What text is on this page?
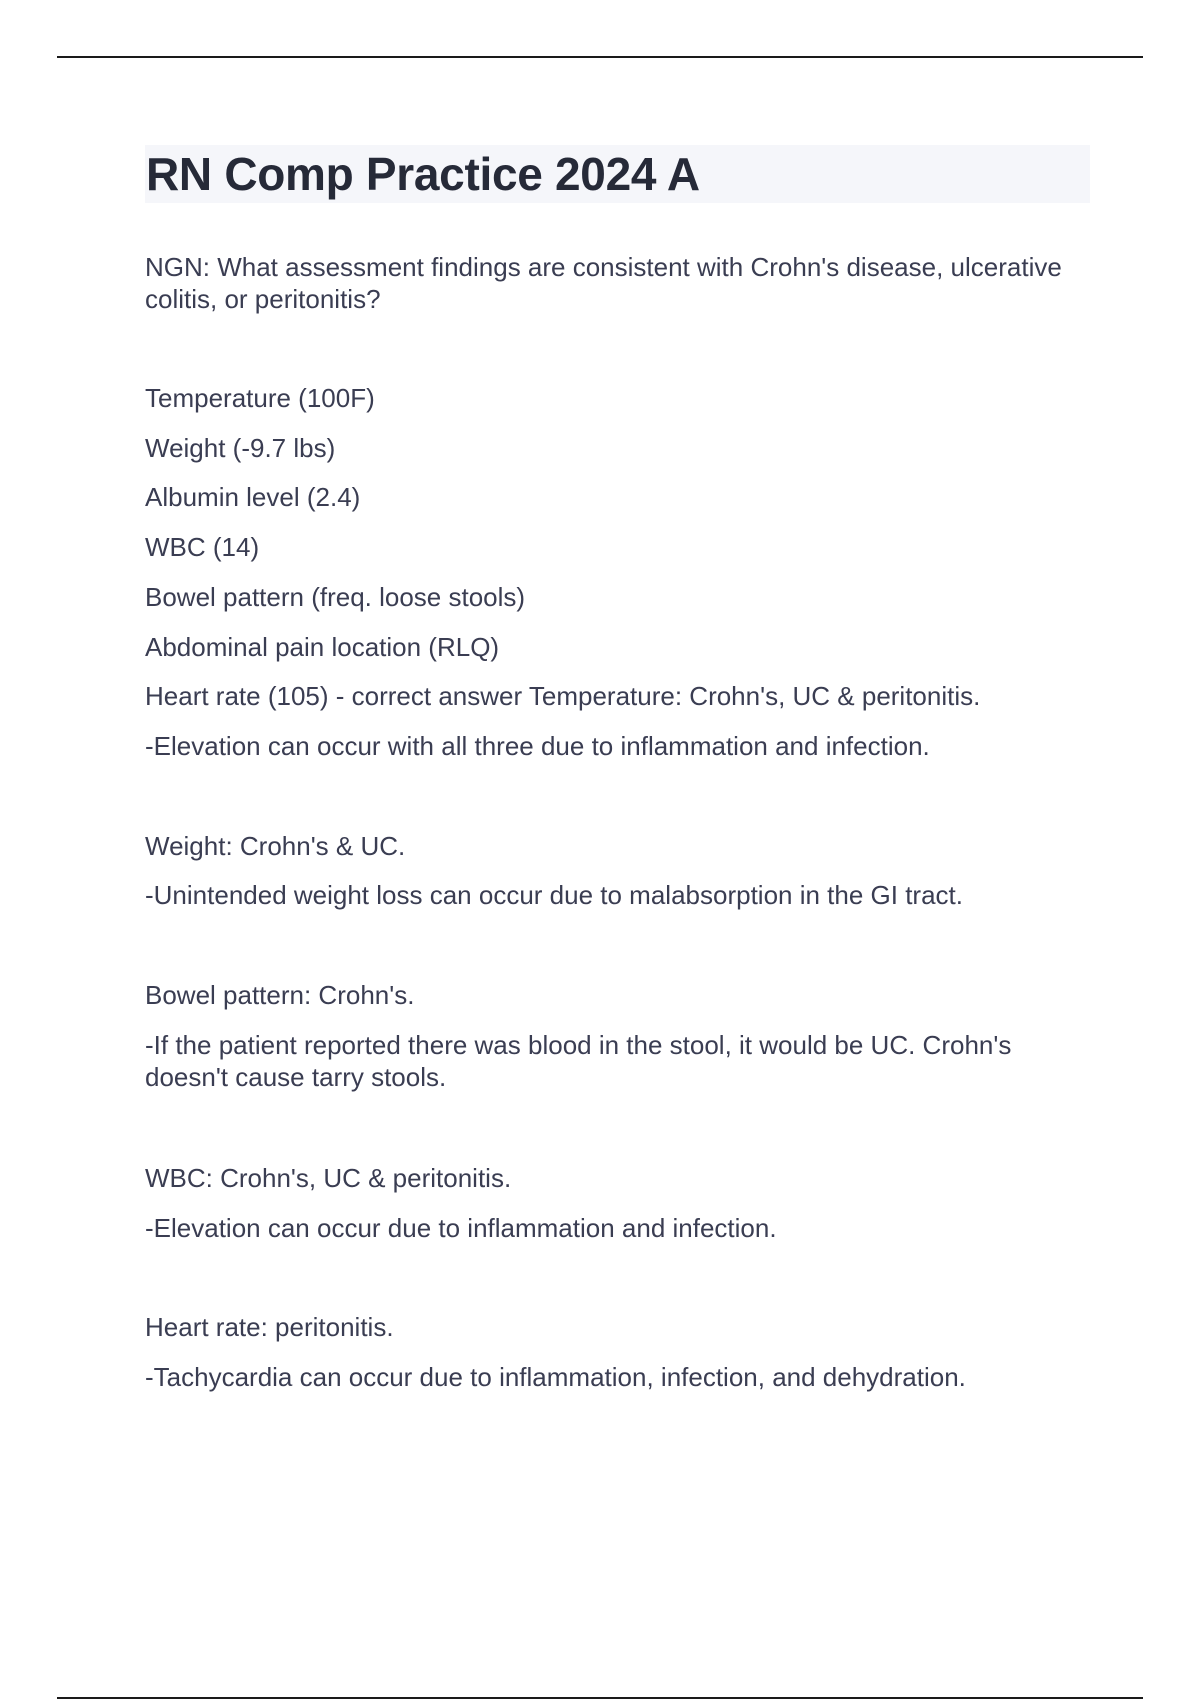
RN Comp Practice 2024 A

NGN: What assessment findings are consistent with Crohn's disease, ulcerative colitis, or peritonitis?

Temperature (100F)

Weight (-9.7 lbs)

Albumin level (2.4)

WBC (14)

Bowel pattern (freq. loose stools)

Abdominal pain location (RLQ)

Heart rate (105) - correct answer Temperature: Crohn's, UC & peritonitis.

-Elevation can occur with all three due to inflammation and infection.

Weight: Crohn's & UC.

-Unintended weight loss can occur due to malabsorption in the GI tract.

Bowel pattern: Crohn's.

-If the patient reported there was blood in the stool, it would be UC. Crohn's doesn't cause tarry stools.

WBC: Crohn's, UC & peritonitis.

-Elevation can occur due to inflammation and infection.

Heart rate: peritonitis.

-Tachycardia can occur due to inflammation, infection, and dehydration.
